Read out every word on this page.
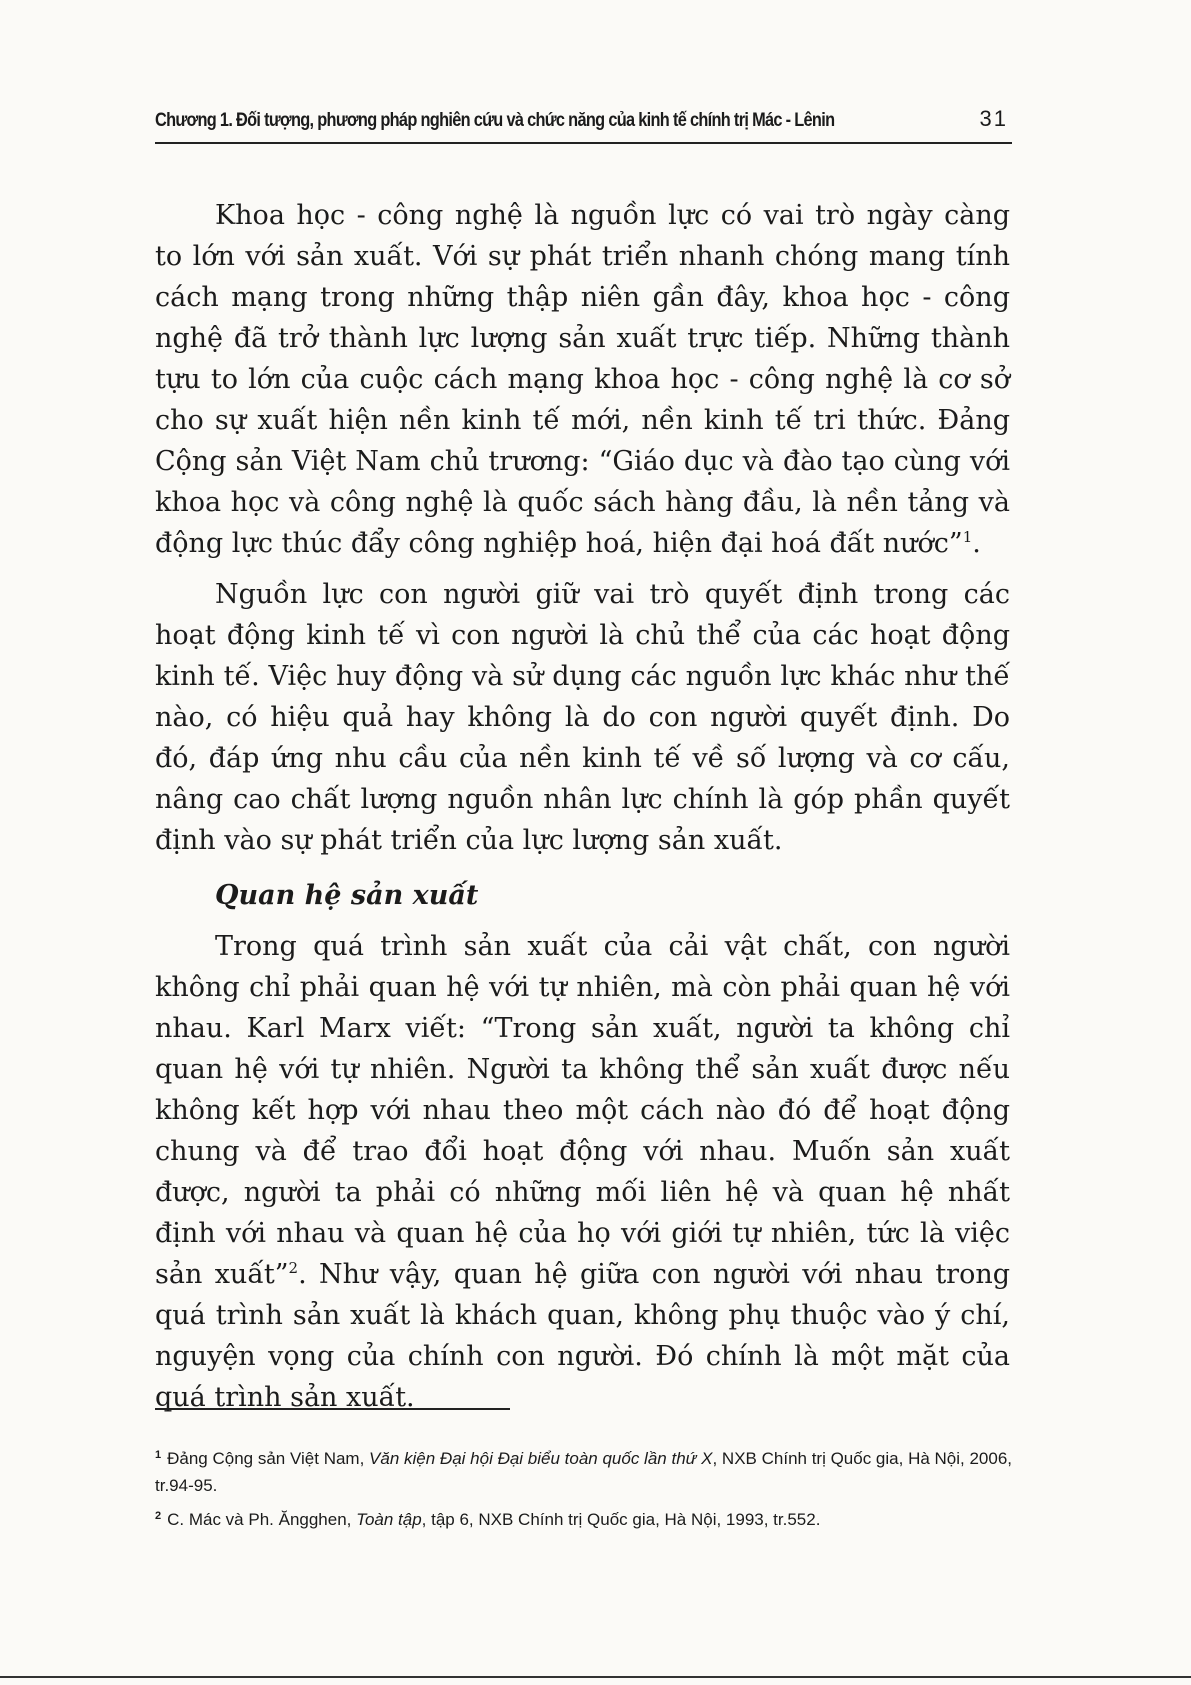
Chương 1. Đối tượng, phương pháp nghiên cứu và chức năng của kinh tế chính trị Mác - Lênin	31

Khoa học - công nghệ là nguồn lực có vai trò ngày càng to lớn với sản xuất. Với sự phát triển nhanh chóng mang tính cách mạng trong những thập niên gần đây, khoa học - công nghệ đã trở thành lực lượng sản xuất trực tiếp. Những thành tựu to lớn của cuộc cách mạng khoa học - công nghệ là cơ sở cho sự xuất hiện nền kinh tế mới, nền kinh tế tri thức. Đảng Cộng sản Việt Nam chủ trương: “Giáo dục và đào tạo cùng với khoa học và công nghệ là quốc sách hàng đầu, là nền tảng và động lực thúc đẩy công nghiệp hoá, hiện đại hoá đất nước”$^1$.

Nguồn lực con người giữ vai trò quyết định trong các hoạt động kinh tế vì con người là chủ thể của các hoạt động kinh tế. Việc huy động và sử dụng các nguồn lực khác như thế nào, có hiệu quả hay không là do con người quyết định. Do đó, đáp ứng nhu cầu của nền kinh tế về số lượng và cơ cấu, nâng cao chất lượng nguồn nhân lực chính là góp phần quyết định vào sự phát triển của lực lượng sản xuất.

Quan hệ sản xuất

Trong quá trình sản xuất của cải vật chất, con người không chỉ phải quan hệ với tự nhiên, mà còn phải quan hệ với nhau. Karl Marx viết: “Trong sản xuất, người ta không chỉ quan hệ với tự nhiên. Người ta không thể sản xuất được nếu không kết hợp với nhau theo một cách nào đó để hoạt động chung và để trao đổi hoạt động với nhau. Muốn sản xuất được, người ta phải có những mối liên hệ và quan hệ nhất định với nhau và quan hệ của họ với giới tự nhiên, tức là việc sản xuất”$^2$. Như vậy, quan hệ giữa con người với nhau trong quá trình sản xuất là khách quan, không phụ thuộc vào ý chí, nguyện vọng của chính con người. Đó chính là một mặt của quá trình sản xuất.

$^1$ Đảng Cộng sản Việt Nam, Văn kiện Đại hội Đại biểu toàn quốc lần thứ X, NXB Chính trị Quốc gia, Hà Nội, 2006, tr.94-95.

$^2$ C. Mác và Ph. Ăngghen, Toàn tập, tập 6, NXB Chính trị Quốc gia, Hà Nội, 1993, tr.552.
